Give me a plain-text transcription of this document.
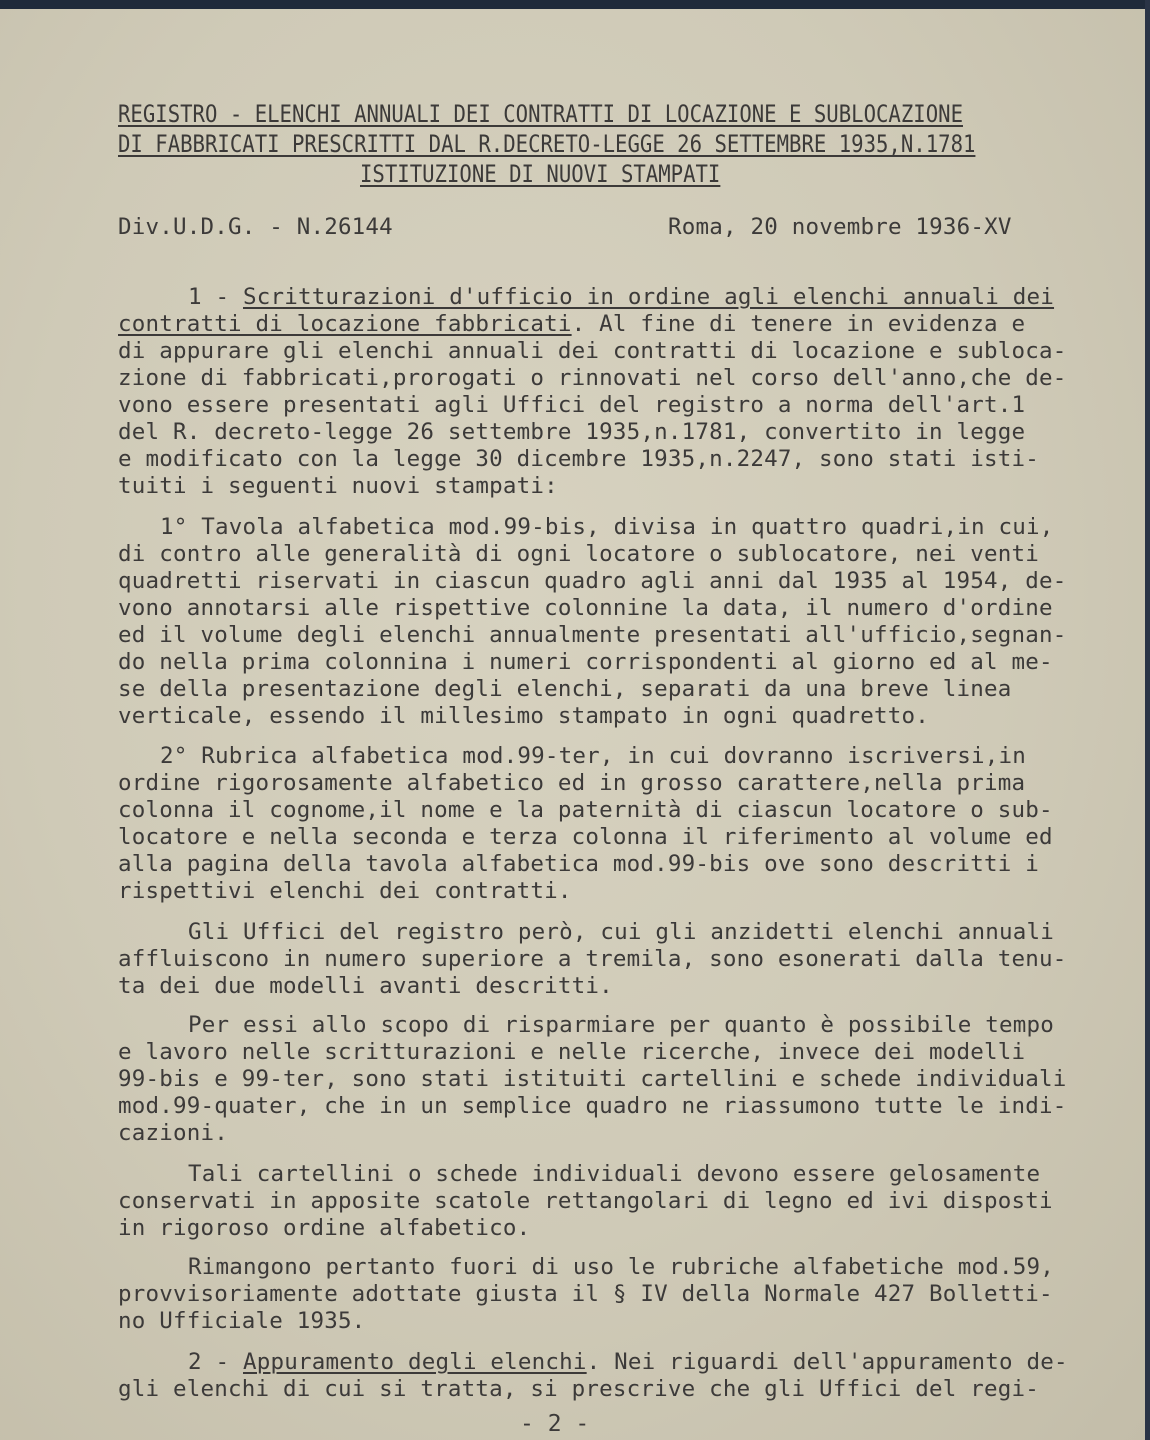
REGISTRO - ELENCHI ANNUALI DEI CONTRATTI DI LOCAZIONE E SUBLOCAZIONE
DI FABBRICATI PRESCRITTI DAL R.DECRETO-LEGGE 26 SETTEMBRE 1935,N.1781
ISTITUZIONE DI NUOVI STAMPATI
Div.U.D.G. - N.26144	Roma, 20 novembre 1936-XV
1 - Scritturazioni d'ufficio in ordine agli elenchi annuali dei
contratti di locazione fabbricati. Al fine di tenere in evidenza e
di appurare gli elenchi annuali dei contratti di locazione e subloca-
zione di fabbricati,prorogati o rinnovati nel corso dell'anno,che de-
vono essere presentati agli Uffici del registro a norma dell'art.1
del R. decreto-legge 26 settembre 1935,n.1781, convertito in legge
e modificato con la legge 30 dicembre 1935,n.2247, sono stati isti-
tuiti i seguenti nuovi stampati:
1° Tavola alfabetica mod.99-bis, divisa in quattro quadri,in cui,
di contro alle generalità di ogni locatore o sublocatore, nei venti
quadretti riservati in ciascun quadro agli anni dal 1935 al 1954, de-
vono annotarsi alle rispettive colonnine la data, il numero d'ordine
ed il volume degli elenchi annualmente presentati all'ufficio,segnan-
do nella prima colonnina i numeri corrispondenti al giorno ed al me-
se della presentazione degli elenchi, separati da una breve linea
verticale, essendo il millesimo stampato in ogni quadretto.
2° Rubrica alfabetica mod.99-ter, in cui dovranno iscriversi,in
ordine rigorosamente alfabetico ed in grosso carattere,nella prima
colonna il cognome,il nome e la paternità di ciascun locatore o sub-
locatore e nella seconda e terza colonna il riferimento al volume ed
alla pagina della tavola alfabetica mod.99-bis ove sono descritti i
rispettivi elenchi dei contratti.
Gli Uffici del registro però, cui gli anzidetti elenchi annuali
affluiscono in numero superiore a tremila, sono esonerati dalla tenu-
ta dei due modelli avanti descritti.
Per essi allo scopo di risparmiare per quanto è possibile tempo
e lavoro nelle scritturazioni e nelle ricerche, invece dei modelli
99-bis e 99-ter, sono stati istituiti cartellini e schede individuali
mod.99-quater, che in un semplice quadro ne riassumono tutte le indi-
cazioni.
Tali cartellini o schede individuali devono essere gelosamente
conservati in apposite scatole rettangolari di legno ed ivi disposti
in rigoroso ordine alfabetico.
Rimangono pertanto fuori di uso le rubriche alfabetiche mod.59,
provvisoriamente adottate giusta il § IV della Normale 427 Bolletti-
no Ufficiale 1935.
2 - Appuramento degli elenchi. Nei riguardi dell'appuramento de-
gli elenchi di cui si tratta, si prescrive che gli Uffici del regi-
- 2 -
